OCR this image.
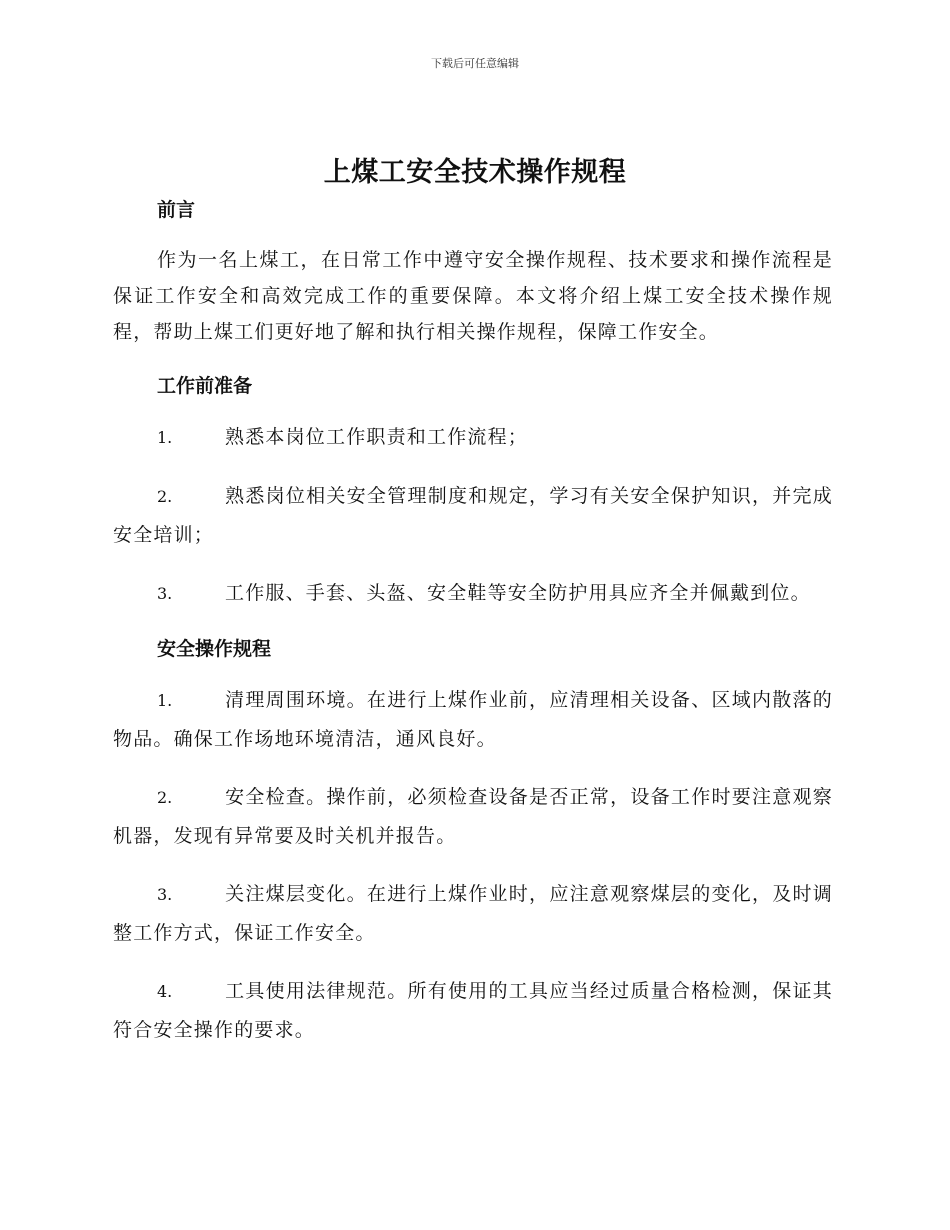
下载后可任意编辑
上煤工安全技术操作规程
前言
作为一名上煤工，在日常工作中遵守安全操作规程、技术要求和操作流程是保证工作安全和高效完成工作的重要保障。本文将介绍上煤工安全技术操作规程，帮助上煤工们更好地了解和执行相关操作规程，保障工作安全。
工作前准备
1.	熟悉本岗位工作职责和工作流程；
2.	熟悉岗位相关安全管理制度和规定，学习有关安全保护知识，并完成安全培训；
3.	工作服、手套、头盔、安全鞋等安全防护用具应齐全并佩戴到位。
安全操作规程
1.	清理周围环境。在进行上煤作业前，应清理相关设备、区域内散落的物品。确保工作场地环境清洁，通风良好。
2.	安全检查。操作前，必须检查设备是否正常，设备工作时要注意观察机器，发现有异常要及时关机并报告。
3.	关注煤层变化。在进行上煤作业时，应注意观察煤层的变化，及时调整工作方式，保证工作安全。
4.	工具使用法律规范。所有使用的工具应当经过质量合格检测，保证其符合安全操作的要求。
